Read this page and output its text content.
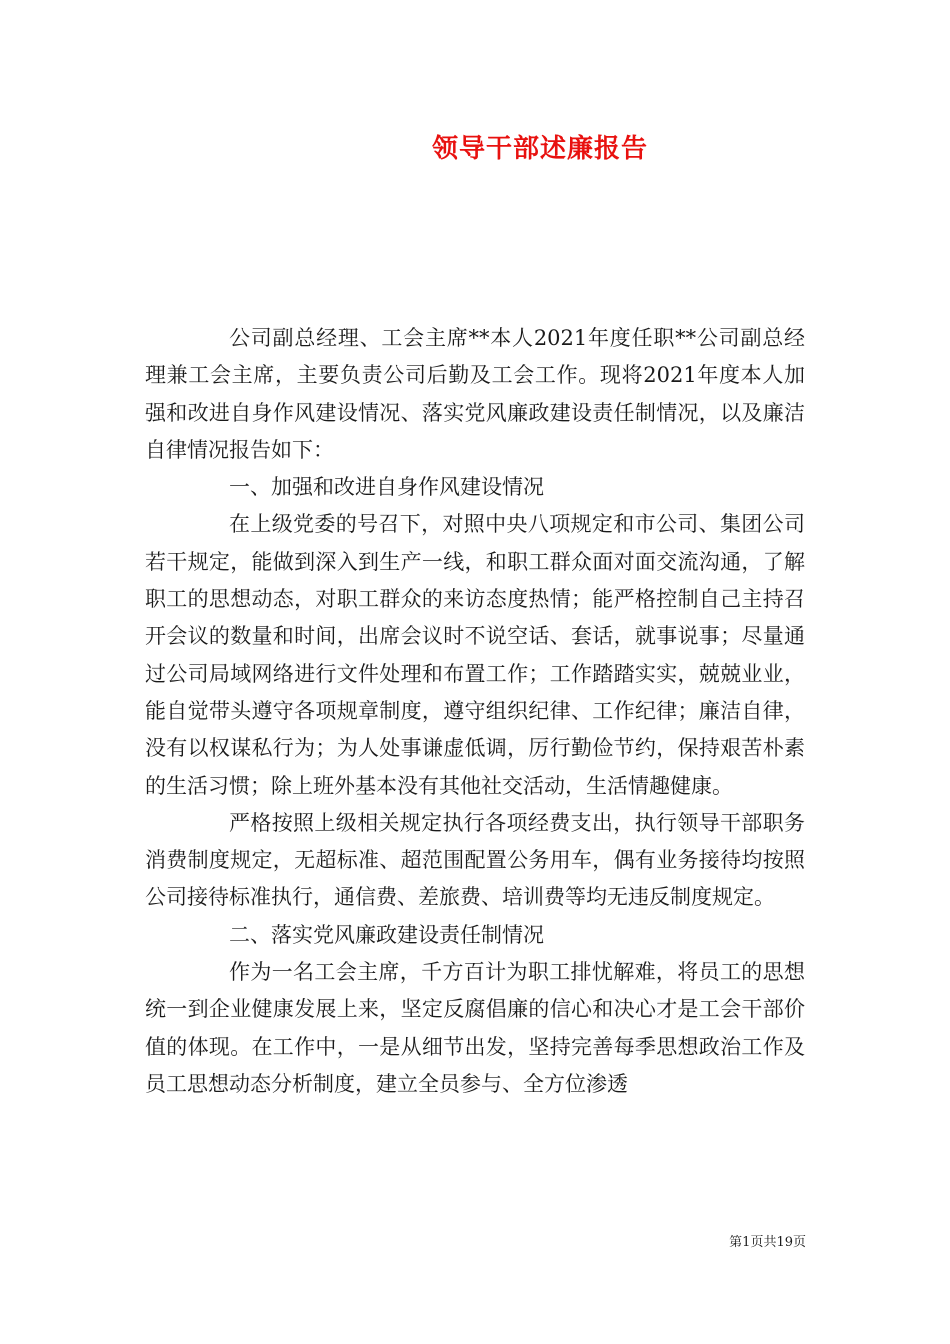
领导干部述廉报告

公司副总经理、工会主席**本人2021年度任职**公司副总经理兼工会主席，主要负责公司后勤及工会工作。现将2021年度本人加强和改进自身作风建设情况、落实党风廉政建设责任制情况，以及廉洁自律情况报告如下：

一、加强和改进自身作风建设情况

在上级党委的号召下，对照中央八项规定和市公司、集团公司若干规定，能做到深入到生产一线，和职工群众面对面交流沟通，了解职工的思想动态，对职工群众的来访态度热情；能严格控制自己主持召开会议的数量和时间，出席会议时不说空话、套话，就事说事；尽量通过公司局域网络进行文件处理和布置工作；工作踏踏实实，兢兢业业，能自觉带头遵守各项规章制度，遵守组织纪律、工作纪律；廉洁自律，没有以权谋私行为；为人处事谦虚低调，厉行勤俭节约，保持艰苦朴素的生活习惯；除上班外基本没有其他社交活动，生活情趣健康。

严格按照上级相关规定执行各项经费支出，执行领导干部职务消费制度规定，无超标准、超范围配置公务用车，偶有业务接待均按照公司接待标准执行，通信费、差旅费、培训费等均无违反制度规定。

二、落实党风廉政建设责任制情况

作为一名工会主席，千方百计为职工排忧解难，将员工的思想统一到企业健康发展上来，坚定反腐倡廉的信心和决心才是工会干部价值的体现。在工作中，一是从细节出发，坚持完善每季思想政治工作及员工思想动态分析制度，建立全员参与、全方位渗透

第1页共19页
